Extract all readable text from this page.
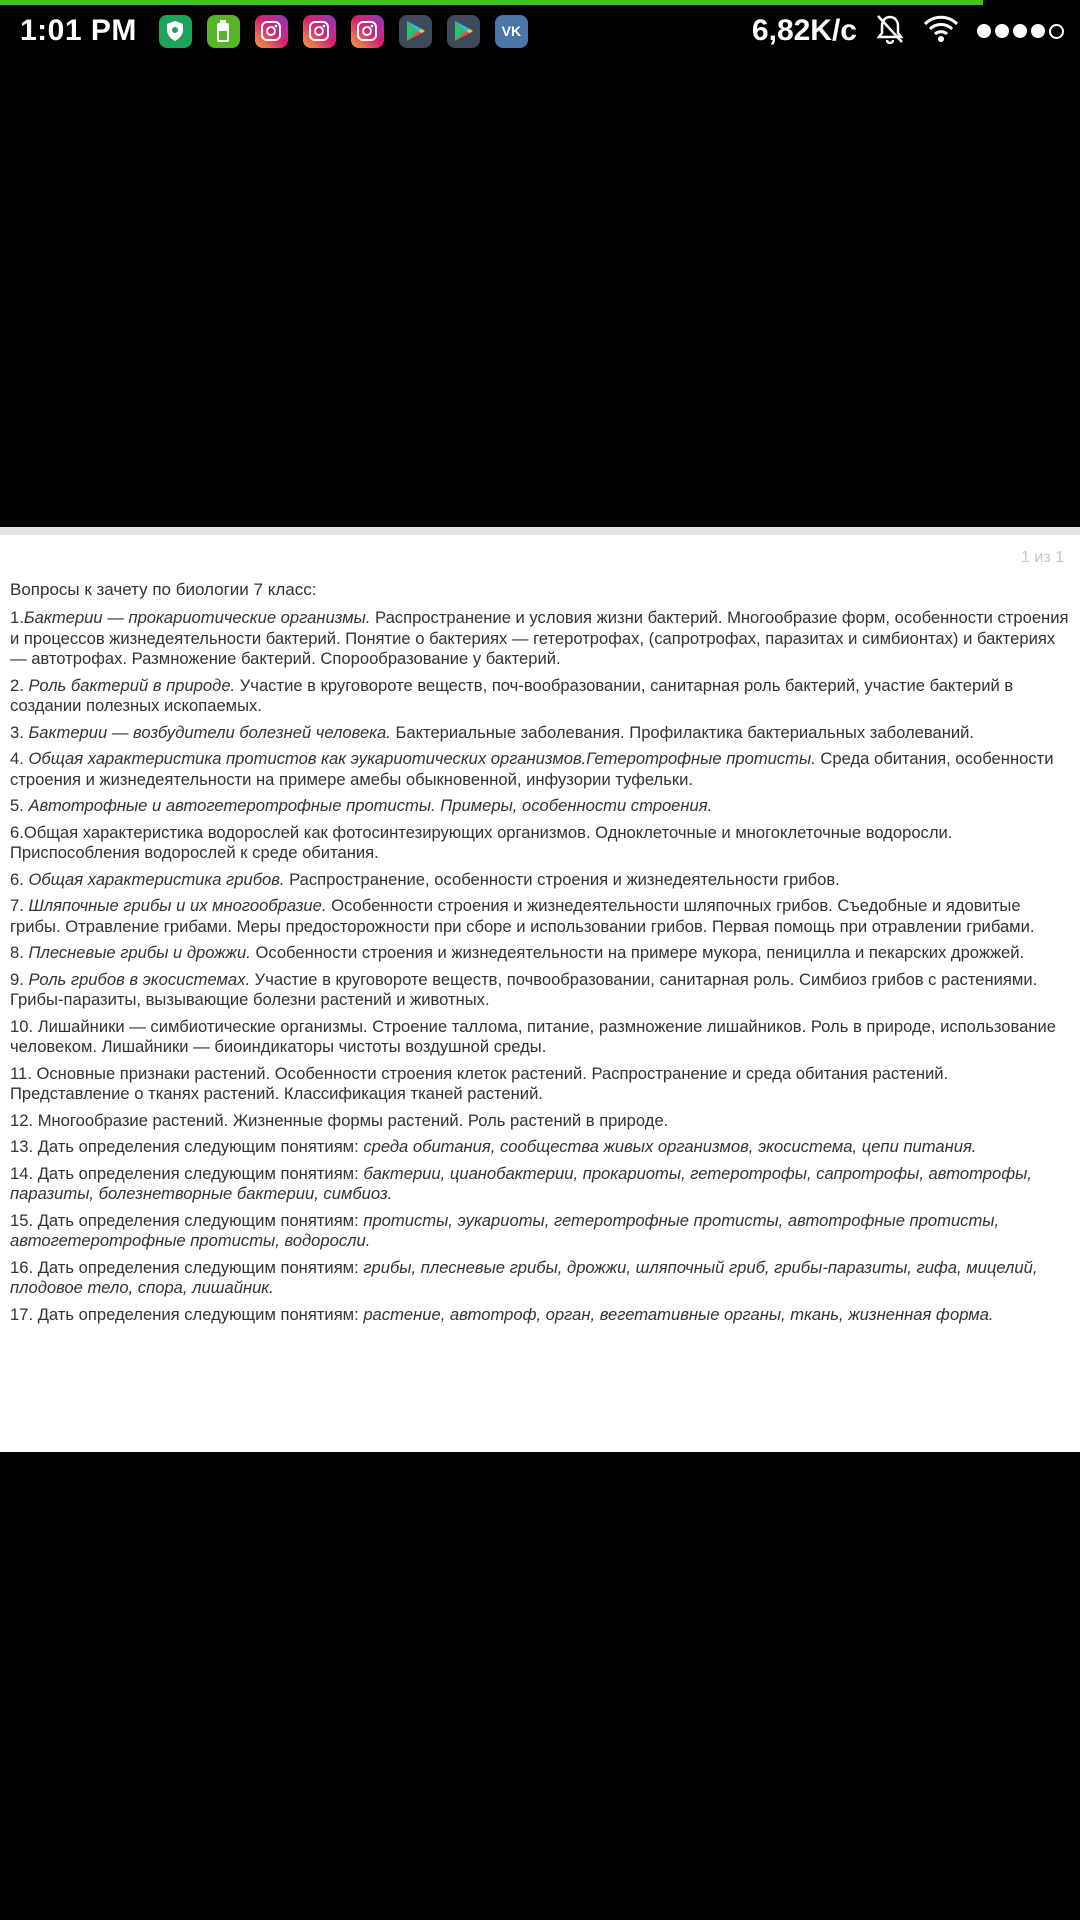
1:01 PM	VK	6,82K/c
1 из 1
Вопросы к зачету по биологии 7 класс:
1.Бактерии — прокариотические организмы. Распространение и условия жизни бактерий. Многообразие форм, особенности строения и процессов жизнедеятельности бактерий. Понятие о бактериях — гетеротрофах, (сапротрофах, паразитах и симбионтах) и бактериях — автотрофах. Размножение бактерий. Спорообразование у бактерий.
2. Роль бактерий в природе. Участие в круговороте веществ, поч-вообразовании, санитарная роль бактерий, участие бактерий в создании полезных ископаемых.
3. Бактерии — возбудители болезней человека. Бактериальные заболевания. Профилактика бактериальных заболеваний.
4. Общая характеристика протистов как эукариотических организмов.Гетеротрофные протисты. Среда обитания, особенности строения и жизнедеятельности на примере амебы обыкновенной, инфузории туфельки.
5. Автотрофные и автогетеротрофные протисты. Примеры, особенности строения.
6.Общая характеристика водорослей как фотосинтезирующих организмов. Одноклеточные и многоклеточные водоросли. Приспособления водорослей к среде обитания.
6. Общая характеристика грибов. Распространение, особенности строения и жизнедеятельности грибов.
7. Шляпочные грибы и их многообразие. Особенности строения и жизнедеятельности шляпочных грибов. Съедобные и ядовитые грибы. Отравление грибами. Меры предосторожности при сборе и использовании грибов. Первая помощь при отравлении грибами.
8. Плесневые грибы и дрожжи. Особенности строения и жизнедеятельности на примере мукора, пеницилла и пекарских дрожжей.
9. Роль грибов в экосистемах. Участие в круговороте веществ, почвообразовании, санитарная роль. Симбиоз грибов с растениями. Грибы-паразиты, вызывающие болезни растений и животных.
10. Лишайники — симбиотические организмы. Строение таллома, питание, размножение лишайников. Роль в природе, использование человеком. Лишайники — биоиндикаторы чистоты воздушной среды.
11. Основные признаки растений. Особенности строения клеток растений. Распространение и среда обитания растений. Представление о тканях растений. Классификация тканей растений.
12. Многообразие растений. Жизненные формы растений. Роль растений в природе.
13. Дать определения следующим понятиям: среда обитания, сообщества живых организмов, экосистема, цепи питания.
14. Дать определения следующим понятиям: бактерии, цианобактерии, прокариоты, гетеротрофы, сапротрофы, автотрофы, паразиты, болезнетворные бактерии, симбиоз.
15. Дать определения следующим понятиям: протисты, эукариоты, гетеротрофные протисты, автотрофные протисты, автогетеротрофные протисты, водоросли.
16. Дать определения следующим понятиям: грибы, плесневые грибы, дрожжи, шляпочный гриб, грибы-паразиты, гифа, мицелий, плодовое тело, спора, лишайник.
17. Дать определения следующим понятиям: растение, автотроф, орган, вегетативные органы, ткань, жизненная форма.
